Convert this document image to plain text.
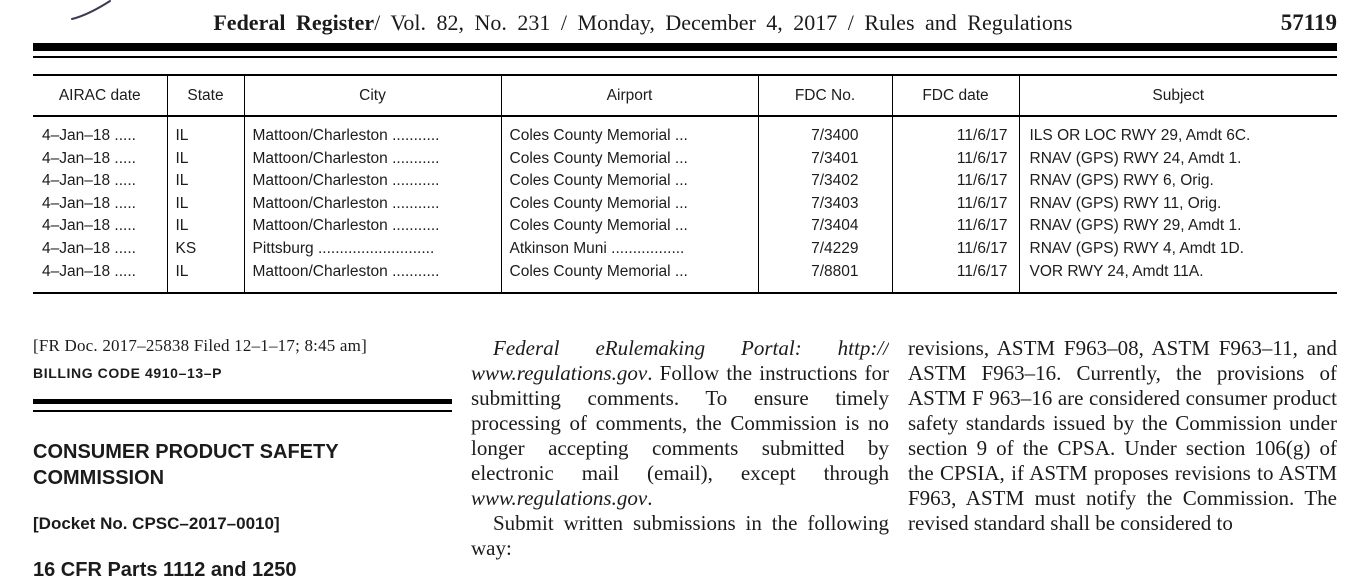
Federal Register/ Vol. 82, No. 231 / Monday, December 4, 2017 / Rules and Regulations	57119
AIRAC date	State	City	Airport	FDC No.	FDC date	Subject
4–Jan–18 .....	IL	Mattoon/Charleston ...........	Coles County Memorial ...	7/3400	11/6/17	ILS OR LOC RWY 29, Amdt 6C.
4–Jan–18 .....	IL	Mattoon/Charleston ...........	Coles County Memorial ...	7/3401	11/6/17	RNAV (GPS) RWY 24, Amdt 1.
4–Jan–18 .....	IL	Mattoon/Charleston ...........	Coles County Memorial ...	7/3402	11/6/17	RNAV (GPS) RWY 6, Orig.
4–Jan–18 .....	IL	Mattoon/Charleston ...........	Coles County Memorial ...	7/3403	11/6/17	RNAV (GPS) RWY 11, Orig.
4–Jan–18 .....	IL	Mattoon/Charleston ...........	Coles County Memorial ...	7/3404	11/6/17	RNAV (GPS) RWY 29, Amdt 1.
4–Jan–18 .....	KS	Pittsburg ...........................	Atkinson Muni .................	7/4229	11/6/17	RNAV (GPS) RWY 4, Amdt 1D.
4–Jan–18 .....	IL	Mattoon/Charleston ...........	Coles County Memorial ...	7/8801	11/6/17	VOR RWY 24, Amdt 11A.
[FR Doc. 2017–25838 Filed 12–1–17; 8:45 am]
BILLING CODE 4910–13–P
CONSUMER PRODUCT SAFETY COMMISSION
[Docket No. CPSC–2017–0010]
16 CFR Parts 1112 and 1250

Federal eRulemaking Portal: http://www.regulations.gov. Follow the instructions for submitting comments. To ensure timely processing of comments, the Commission is no longer accepting comments submitted by electronic mail (email), except through www.regulations.gov.

Submit written submissions in the following way:

revisions, ASTM F963–08, ASTM F963–11, and ASTM F963–16. Currently, the provisions of ASTM F 963–16 are considered consumer product safety standards issued by the Commission under section 9 of the CPSA. Under section 106(g) of the CPSIA, if ASTM proposes revisions to ASTM F963, ASTM must notify the Commission. The revised standard shall be considered to
